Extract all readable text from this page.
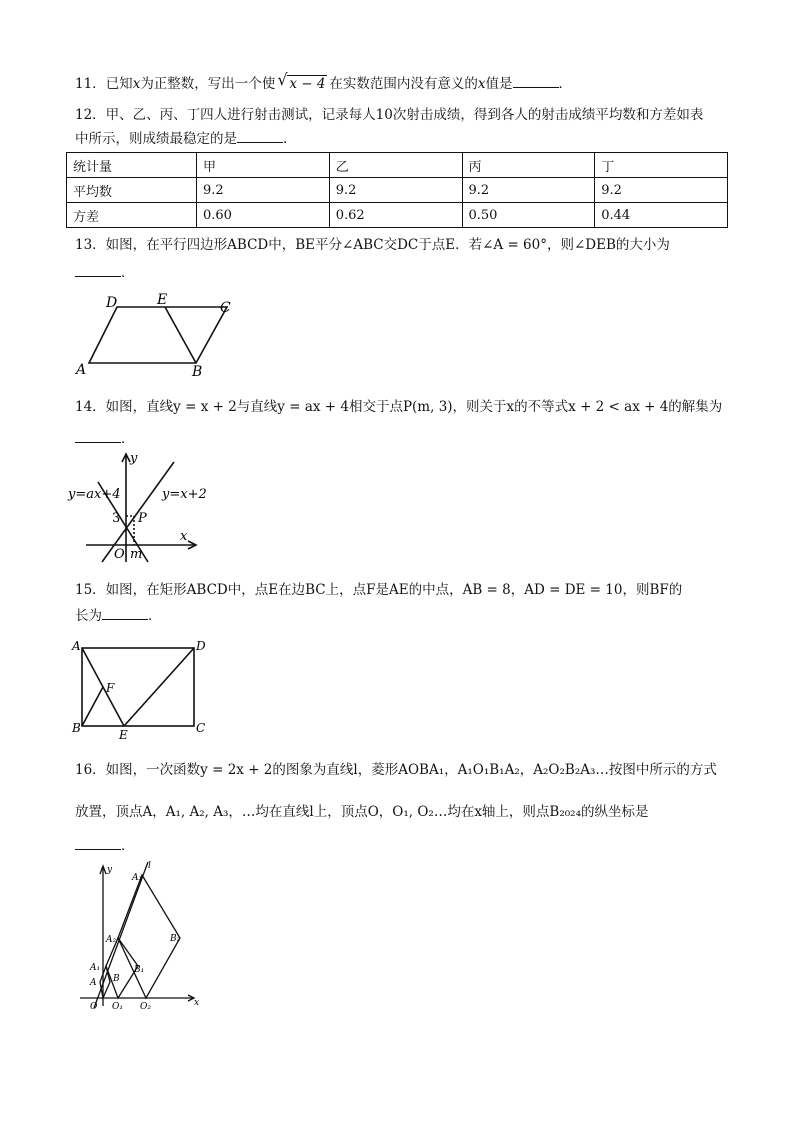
11．已知x为正整数，写出一个使 √ x − 4 在实数范围内没有意义的x值是	．
12．甲、乙、丙、丁四人进行射击测试，记录每人10次射击成绩，得到各人的射击成绩平均数和方差如表
中所示，则成绩最稳定的是	．
统计量	甲	乙	丙	丁
平均数	9.2	9.2	9.2	9.2
方差	0.60	0.62	0.50	0.44
13．如图，在平行四边形ABCD中，BE平分∠ABC交DC于点E．若∠A = 60°，则∠DEB的大小为
．
D	E	C
A	B
14．如图，直线y = x + 2与直线y = ax + 4相交于点P(m, 3)，则关于x的不等式x + 2 < ax + 4的解集为
．
y
y=ax+4	y=x+2
3 P
x
O m
15．如图，在矩形ABCD中，点E在边BC上，点F是AE的中点，AB = 8，AD = DE = 10，则BF的
长为	．
A	D
F
B	E	C
16．如图，一次函数y = 2x + 2的图象为直线l，菱形AOBA₁，A₁O₁B₁A₂，A₂O₂B₂A₃…按图中所示的方式
放置，顶点A，A₁, A₂, A₃，…均在直线l上，顶点O，O₁, O₂…均在x轴上，则点B₂₀₂₄的纵坐标是
．
y	l
A₃
A₂	B₂
A₁	B₁
A B
O O₁ O₂	x
